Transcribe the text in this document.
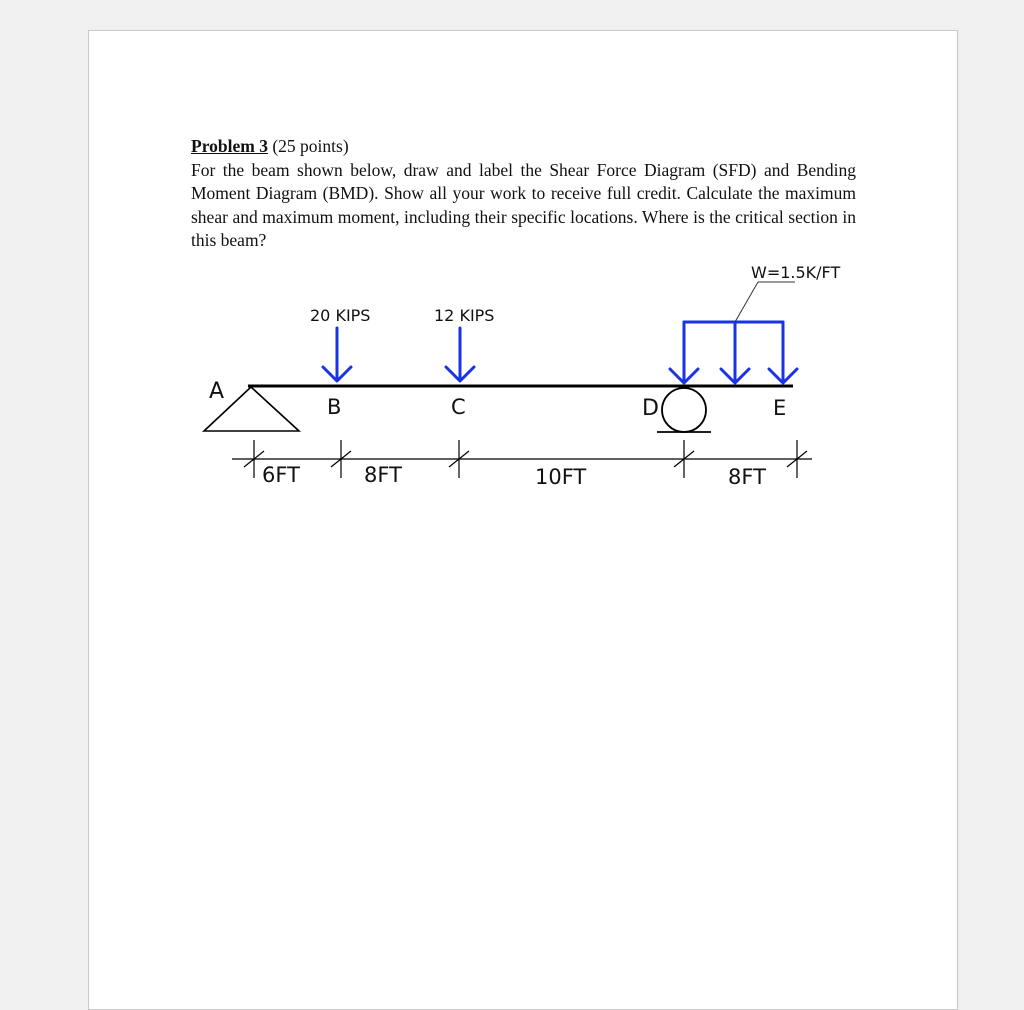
Problem 3 (25 points)
For the beam shown below, draw and label the Shear Force Diagram (SFD) and Bending Moment Diagram (BMD). Show all your work to receive full credit. Calculate the maximum shear and maximum moment, including their specific locations. Where is the critical section in this beam?
A
D
B	C	E
20 KIPS	12 KIPS
W=1.5K/FT
6FT	8FT	10FT	8FT
